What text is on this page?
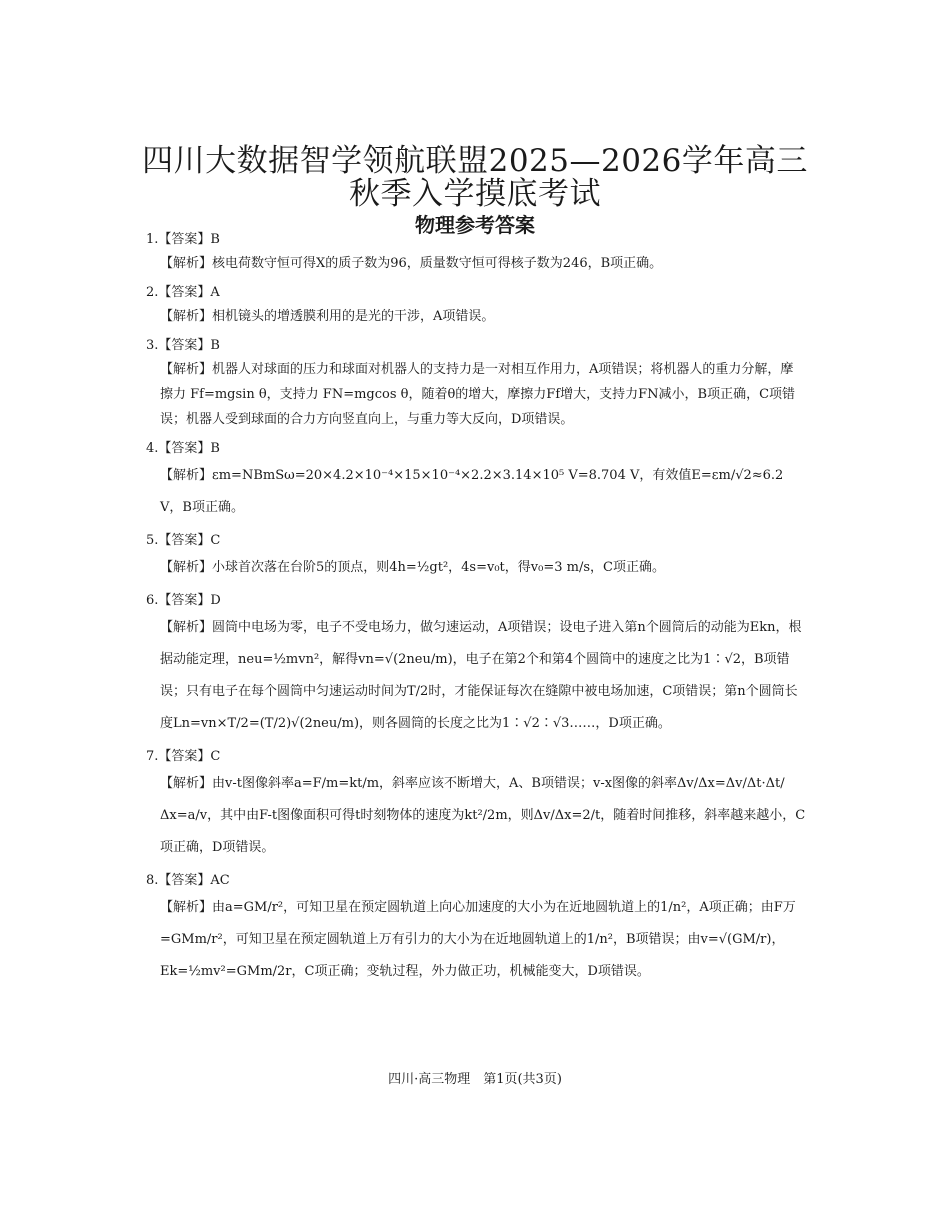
四川大数据智学领航联盟2025—2026学年高三
秋季入学摸底考试
物理参考答案
1.【答案】B
【解析】核电荷数守恒可得X的质子数为96，质量数守恒可得核子数为246，B项正确。
2.【答案】A
【解析】相机镜头的增透膜利用的是光的干涉，A项错误。
3.【答案】B
【解析】机器人对球面的压力和球面对机器人的支持力是一对相互作用力，A项错误；将机器人的重力分解，摩擦力 Ff=mgsin θ，支持力 FN=mgcos θ，随着θ的增大，摩擦力Ff增大，支持力FN减小，B项正确，C项错误；机器人受到球面的合力方向竖直向上，与重力等大反向，D项错误。
4.【答案】B
【解析】εm=NBmSω=20×4.2×10⁻⁴×15×10⁻⁴×2.2×3.14×10⁵ V=8.704 V，有效值E=εm/√2≈6.2 V，B项正确。
5.【答案】C
【解析】小球首次落在台阶5的顶点，则4h=½gt²，4s=v₀t，得v₀=3 m/s，C项正确。
6.【答案】D
【解析】圆筒中电场为零，电子不受电场力，做匀速运动，A项错误；设电子进入第n个圆筒后的动能为Ekn，根据动能定理，neu=½mvn²，解得vn=√(2neu/m)，电子在第2个和第4个圆筒中的速度之比为1∶√2，B项错误；只有电子在每个圆筒中匀速运动时间为T/2时，才能保证每次在缝隙中被电场加速，C项错误；第n个圆筒长度Ln=vn×T/2=(T/2)√(2neu/m)，则各圆筒的长度之比为1∶√2∶√3……，D项正确。
7.【答案】C
【解析】由v-t图像斜率a=F/m=kt/m，斜率应该不断增大，A、B项错误；v-x图像的斜率Δv/Δx=Δv/Δt·Δt/Δx=a/v，其中由F-t图像面积可得t时刻物体的速度为kt²/2m，则Δv/Δx=2/t，随着时间推移，斜率越来越小，C项正确，D项错误。
8.【答案】AC
【解析】由a=GM/r²，可知卫星在预定圆轨道上向心加速度的大小为在近地圆轨道上的1/n²，A项正确；由F万=GMm/r²，可知卫星在预定圆轨道上万有引力的大小为在近地圆轨道上的1/n²，B项错误；由v=√(GM/r)，Ek=½mv²=GMm/2r，C项正确；变轨过程，外力做正功，机械能变大，D项错误。
四川·高三物理　第1页(共3页)
